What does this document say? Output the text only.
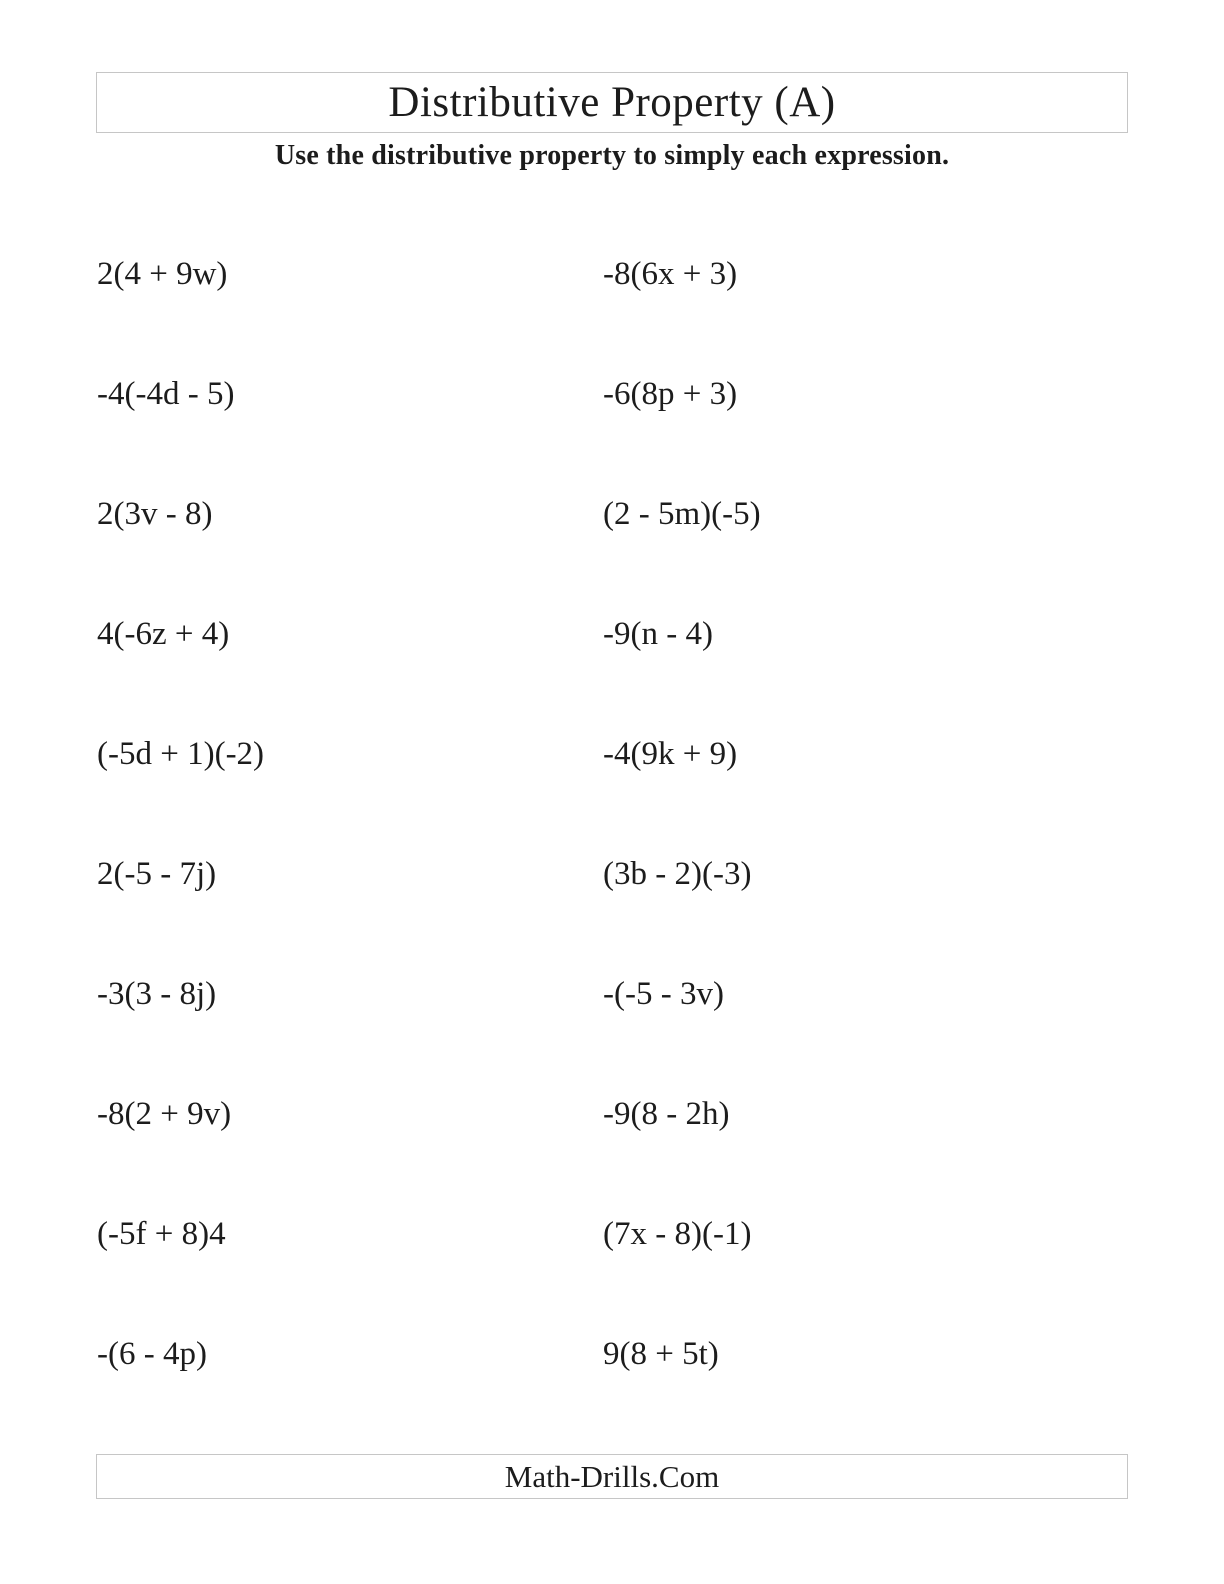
Distributive Property (A)
Use the distributive property to simply each expression.
2(4 + 9w)	-8(6x + 3)
-4(-4d - 5)	-6(8p + 3)
2(3v - 8)	(2 - 5m)(-5)
4(-6z + 4)	-9(n - 4)
(-5d + 1)(-2)	-4(9k + 9)
2(-5 - 7j)	(3b - 2)(-3)
-3(3 - 8j)	-(-5 - 3v)
-8(2 + 9v)	-9(8 - 2h)
(-5f + 8)4	(7x - 8)(-1)
-(6 - 4p)	9(8 + 5t)
Math-Drills.Com
